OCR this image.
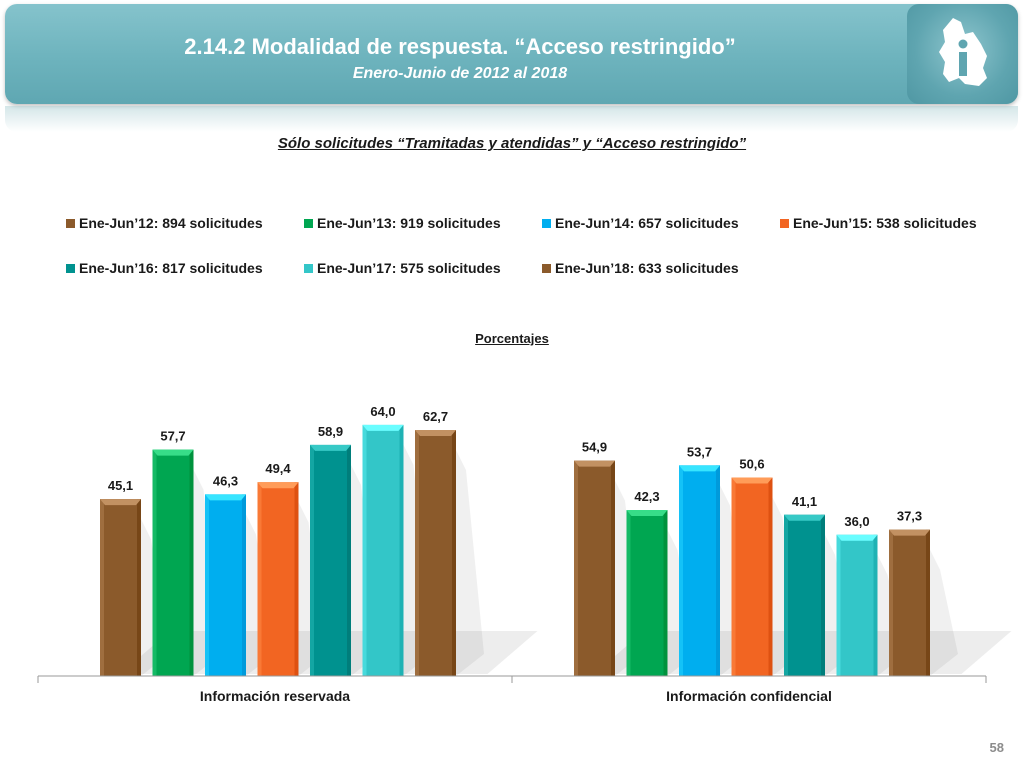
2.14.2 Modalidad de respuesta. “Acceso restringido”
Enero-Junio de 2012 al 2018
Sólo solicitudes “Tramitadas y atendidas” y “Acceso restringido”
Ene-Jun’12: 894 solicitudes	Ene-Jun’13: 919 solicitudes	Ene-Jun’14: 657 solicitudes	Ene-Jun’15: 538 solicitudes
Ene-Jun’16: 817 solicitudes	Ene-Jun’17: 575 solicitudes	Ene-Jun’18: 633 solicitudes
Porcentajes
45,1
57,7
46,3
49,4
58,9
64,0 62,7
Información reservada
54,9
42,3
53,7
50,6
41,1
36,0 37,3
Información confidencial
58
